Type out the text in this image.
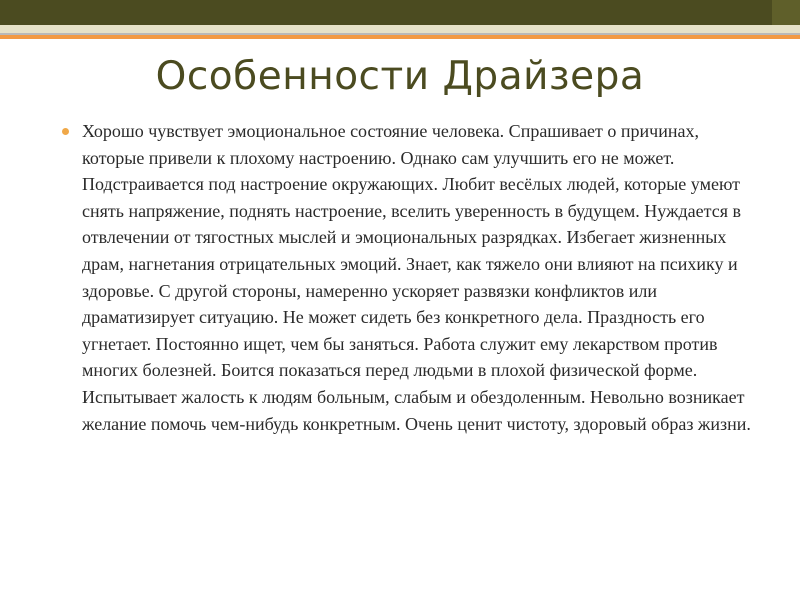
Особенности Драйзера
Хорошо чувствует эмоциональное состояние человека. Спрашивает о причинах, которые привели к плохому настроению. Однако сам улучшить его не может. Подстраивается под настроение окружающих. Любит весёлых людей, которые умеют снять напряжение, поднять настроение, вселить уверенность в будущем. Нуждается в отвлечении от тягостных мыслей и эмоциональных разрядках. Избегает жизненных драм, нагнетания отрицательных эмоций. Знает, как тяжело они влияют на психику и здоровье. С другой стороны, намеренно ускоряет развязки конфликтов или драматизирует ситуацию. Не может сидеть без конкретного дела. Праздность его угнетает. Постоянно ищет, чем бы заняться. Работа служит ему лекарством против многих болезней. Боится показаться перед людьми в плохой физической форме. Испытывает жалость к людям больным, слабым и обездоленным. Невольно возникает желание помочь чем-нибудь конкретным. Очень ценит чистоту, здоровый образ жизни.
